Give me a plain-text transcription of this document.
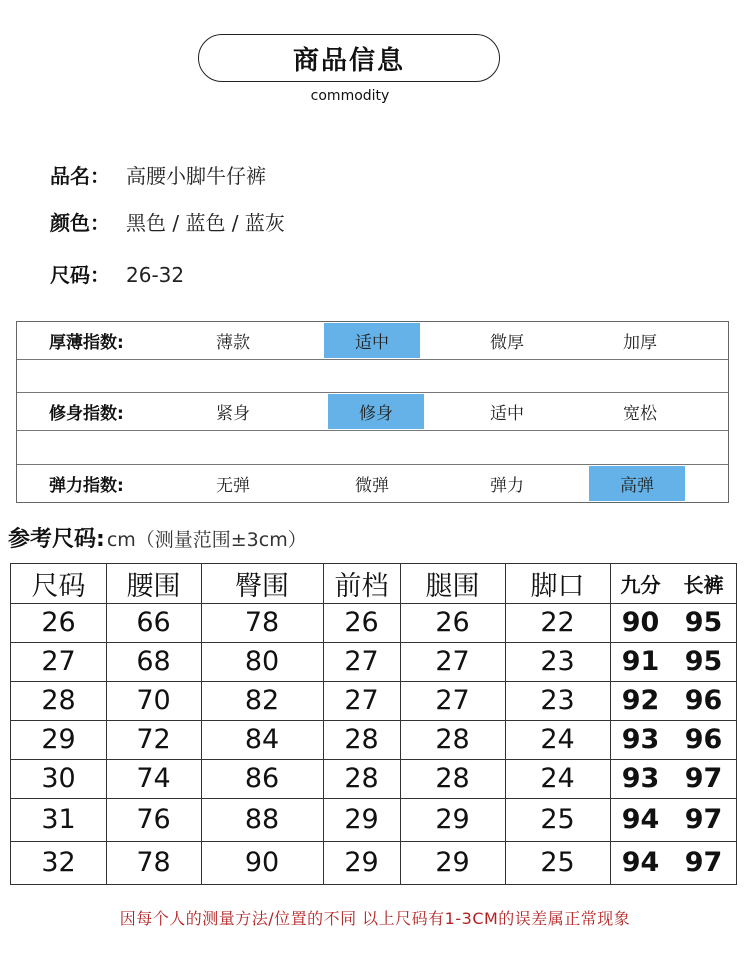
商品信息
commodity
品名： 高腰小脚牛仔裤
颜色： 黑色 / 蓝色 / 蓝灰
尺码： 26-32
厚薄指数:	薄款	适中	微厚	加厚
修身指数:	紧身	修身	适中	宽松
弹力指数:	无弹	微弹	弹力	高弹
参考尺码: cm（测量范围±3cm）
尺码	腰围	臀围	前档	腿围	脚口	九分	长裤
26	66	78	26	26	22	90 95
27	68	80	27	27	23	91 95
28	70	82	27	27	23	92 96
29	72	84	28	28	24	93 96
30	74	86	28	28	24	93 97
31	76	88	29	29	25	94 97
32	78	90	29	29	25	94 97
因每个人的测量方法/位置的不同 以上尺码有1-3CM的误差属正常现象
